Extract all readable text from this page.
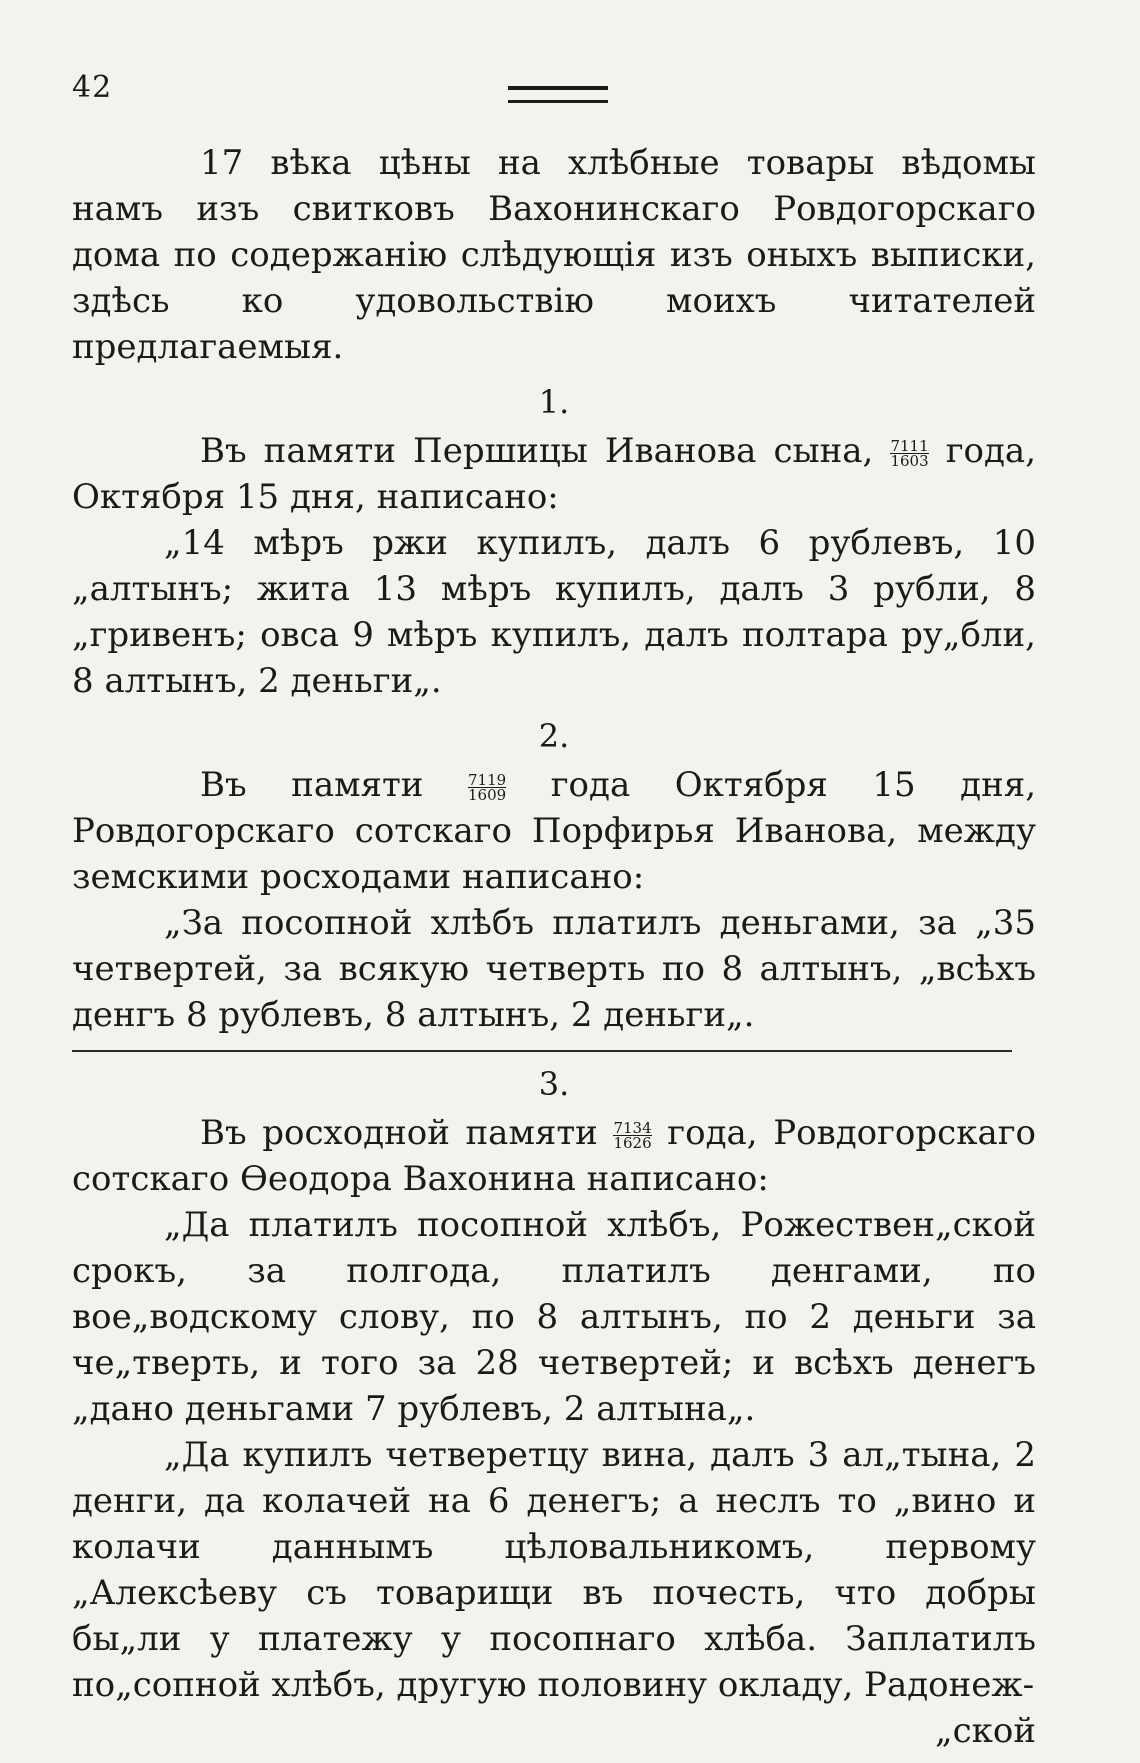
42

17 вѣка цѣны на хлѣбные товары вѣдомы намъ изъ свитковъ Вахонинскаго Ровдогорскаго дома по содержанію слѣдующія изъ оныхъ выписки, здѣсь ко удовольствію моихъ читателей предлагаемыя.

1.

Въ памяти Першицы Иванова сына, $\frac{7111}{1603}$ года, Октября 15 дня, написано:

„14 мѣръ ржи купилъ, далъ 6 рублевъ, 10 „алтынъ; жита 13 мѣръ купилъ, далъ 3 рубли, 8 „гривенъ; овса 9 мѣръ купилъ, далъ полтара ру„бли, 8 алтынъ, 2 деньги„.

2.

Въ памяти	$\frac{7119}{1609}$ года Октября 15 дня, Ровдогорскаго сотскаго Порфирья Иванова, между земскими росходами написано:

„За посопной хлѣбъ платилъ деньгами, за „35 четвертей, за всякую четверть по 8 алтынъ, „всѣхъ денгъ 8 рублевъ, 8 алтынъ, 2 деньги„.

3.

Въ росходной памяти $\frac{7134}{1626}$ года, Ровдогорскаго сотскаго Ѳеодора Вахонина написано:

„Да платилъ посопной хлѣбъ, Рожествен„ской срокъ, за полгода, платилъ денгами, по вое„водскому слову, по 8 алтынъ, по 2 деньги за че„тверть, и того за 28 четвертей; и всѣхъ денегъ „дано деньгами 7 рублевъ, 2 алтына„.

„Да купилъ четверетцу вина, далъ 3 ал„тына, 2 денги, да колачей на 6 денегъ; а неслъ то „вино и колачи даннымъ цѣловальникомъ, первому „Алексѣеву съ товарищи въ почесть, что добры бы„ли у платежу у посопнаго хлѣба. Заплатилъ по„сопной хлѣбъ, другую половину окладу, Радонеж-

„ской
